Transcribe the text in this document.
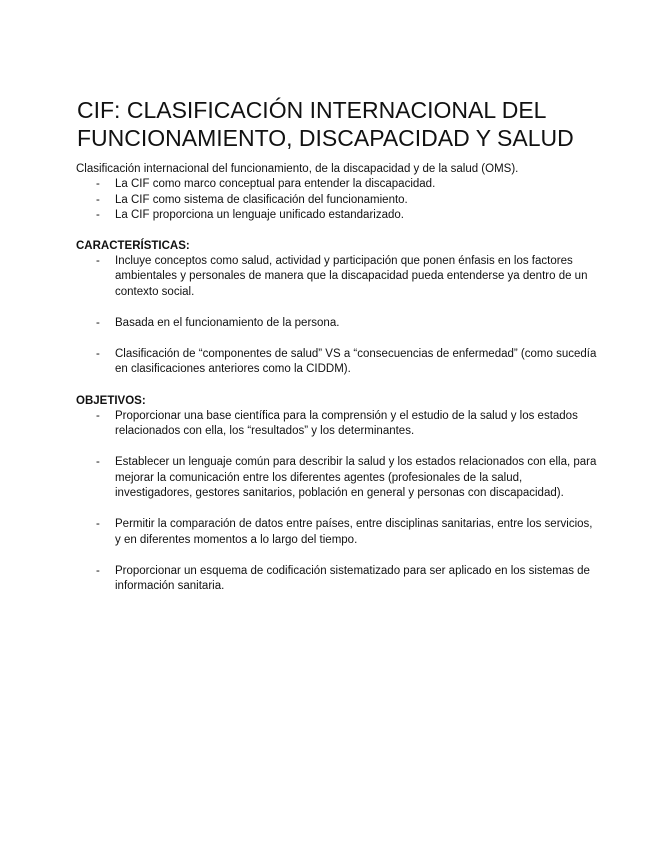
CIF: CLASIFICACIÓN INTERNACIONAL DEL
FUNCIONAMIENTO, DISCAPACIDAD Y SALUD
Clasificación internacional del funcionamiento, de la discapacidad y de la salud (OMS).
- La CIF como marco conceptual para entender la discapacidad.
- La CIF como sistema de clasificación del funcionamiento.
- La CIF proporciona un lenguaje unificado estandarizado.
CARACTERÍSTICAS:
- Incluye conceptos como salud, actividad y participación que ponen énfasis en los factores ambientales y personales de manera que la discapacidad pueda entenderse ya dentro de un contexto social.
- Basada en el funcionamiento de la persona.
- Clasificación de “componentes de salud” VS a “consecuencias de enfermedad” (como sucedía en clasificaciones anteriores como la CIDDM).
OBJETIVOS:
- Proporcionar una base científica para la comprensión y el estudio de la salud y los estados relacionados con ella, los “resultados” y los determinantes.
- Establecer un lenguaje común para describir la salud y los estados relacionados con ella, para mejorar la comunicación entre los diferentes agentes (profesionales de la salud, investigadores, gestores sanitarios, población en general y personas con discapacidad).
- Permitir la comparación de datos entre países, entre disciplinas sanitarias, entre los servicios, y en diferentes momentos a lo largo del tiempo.
- Proporcionar un esquema de codificación sistematizado para ser aplicado en los sistemas de información sanitaria.
